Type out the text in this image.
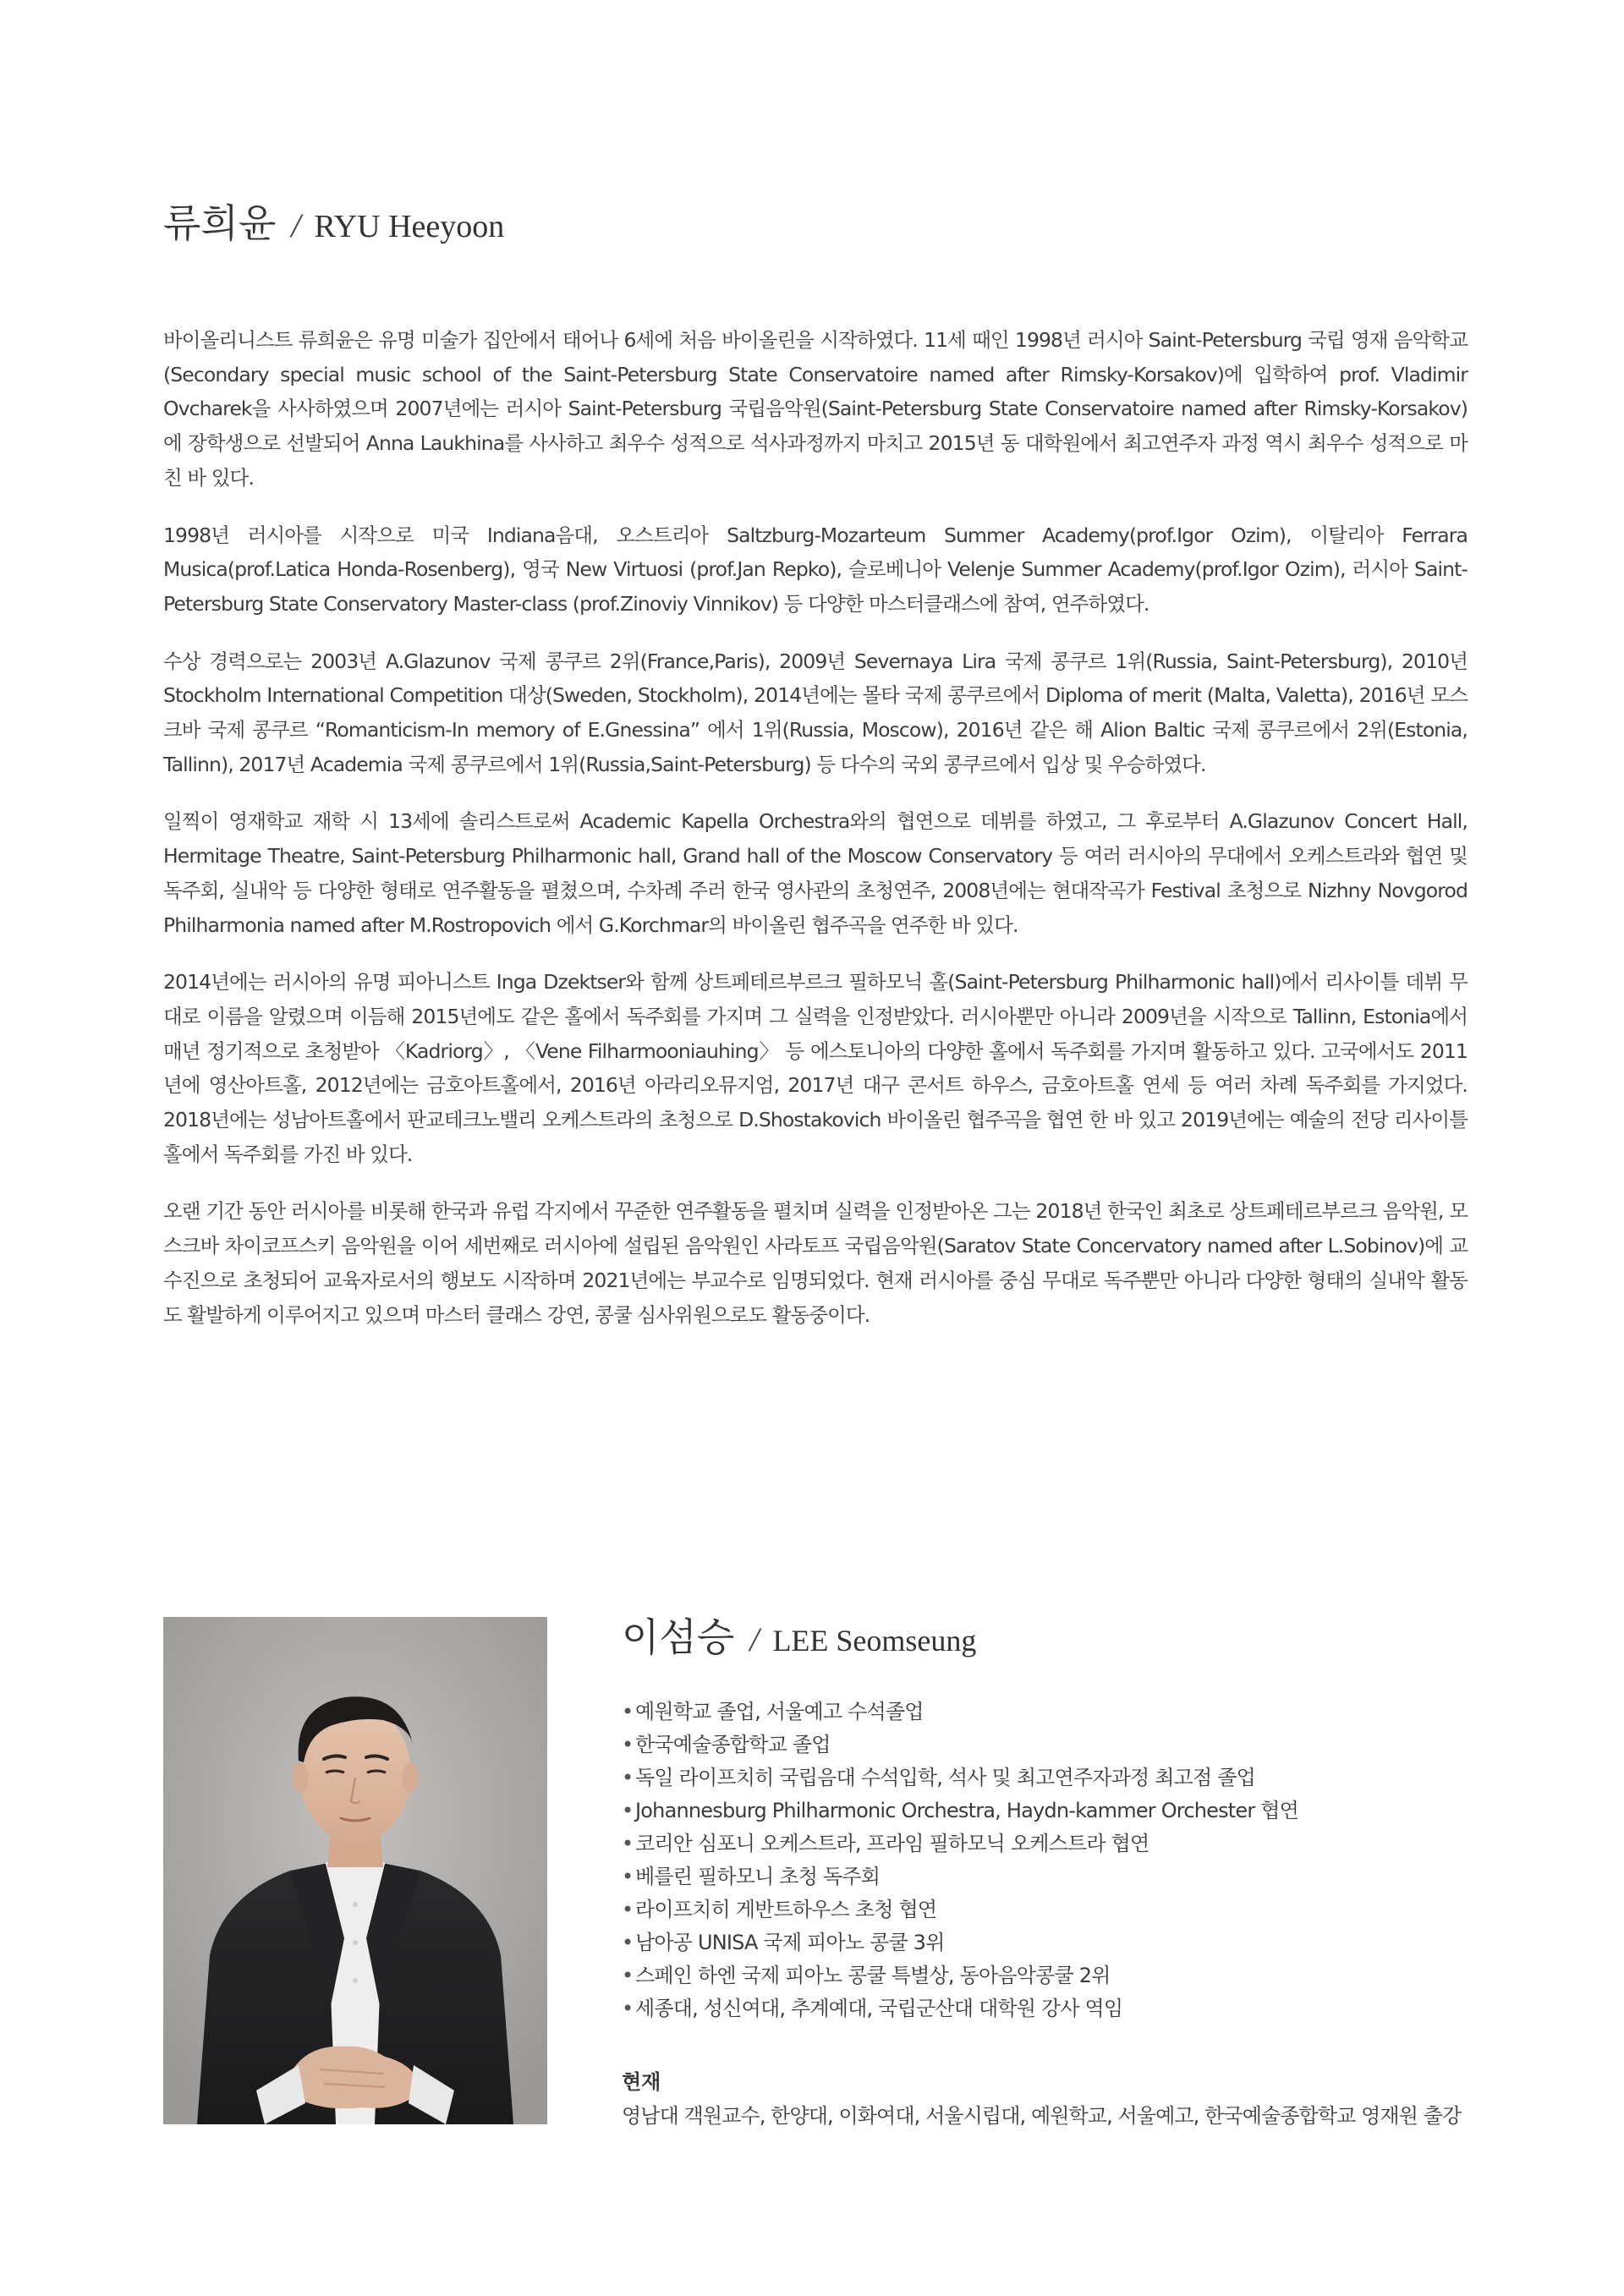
류희윤 / RYU Heeyoon

바이올리니스트 류희윤은 유명 미술가 집안에서 태어나 6세에 처음 바이올린을 시작하였다. 11세 때인 1998년 러시아 Saint-Petersburg 국립 영재 음악학교(Secondary special music school of the Saint-Petersburg State Conservatoire named after Rimsky-Korsakov)에 입학하여 prof. Vladimir Ovcharek을 사사하였으며 2007년에는 러시아 Saint-Petersburg 국립음악원(Saint-Petersburg State Conservatoire named after Rimsky-Korsakov)에 장학생으로 선발되어 Anna Laukhina를 사사하고 최우수 성적으로 석사과정까지 마치고 2015년 동 대학원에서 최고연주자 과정 역시 최우수 성적으로 마친 바 있다.

1998년 러시아를 시작으로 미국 Indiana음대, 오스트리아 Saltzburg-Mozarteum Summer Academy(prof.Igor Ozim), 이탈리아 Ferrara Musica(prof.Latica Honda-Rosenberg), 영국 New Virtuosi (prof.Jan Repko), 슬로베니아 Velenje Summer Academy(prof.Igor Ozim), 러시아 Saint-Petersburg State Conservatory Master-class (prof.Zinoviy Vinnikov) 등 다양한 마스터클래스에 참여, 연주하였다.

수상 경력으로는 2003년 A.Glazunov 국제 콩쿠르 2위(France,Paris), 2009년 Severnaya Lira 국제 콩쿠르 1위(Russia, Saint-Petersburg), 2010년 Stockholm International Competition 대상(Sweden, Stockholm), 2014년에는 몰타 국제 콩쿠르에서 Diploma of merit (Malta, Valetta), 2016년 모스크바 국제 콩쿠르 “Romanticism-In memory of E.Gnessina” 에서 1위(Russia, Moscow), 2016년 같은 해 Alion Baltic 국제 콩쿠르에서 2위(Estonia, Tallinn), 2017년 Academia 국제 콩쿠르에서 1위(Russia,Saint-Petersburg) 등 다수의 국외 콩쿠르에서 입상 및 우승하였다.

일찍이 영재학교 재학 시 13세에 솔리스트로써 Academic Kapella Orchestra와의 협연으로 데뷔를 하였고, 그 후로부터 A.Glazunov Concert Hall, Hermitage Theatre, Saint-Petersburg Philharmonic hall, Grand hall of the Moscow Conservatory 등 여러 러시아의 무대에서 오케스트라와 협연 및 독주회, 실내악 등 다양한 형태로 연주활동을 펼쳤으며, 수차례 주러 한국 영사관의 초청연주, 2008년에는 현대작곡가 Festival 초청으로 Nizhny Novgorod Philharmonia named after M.Rostropovich 에서 G.Korchmar의 바이올린 협주곡을 연주한 바 있다.

2014년에는 러시아의 유명 피아니스트 Inga Dzektser와 함께 상트페테르부르크 필하모닉 홀(Saint-Petersburg Philharmonic hall)에서 리사이틀 데뷔 무대로 이름을 알렸으며 이듬해 2015년에도 같은 홀에서 독주회를 가지며 그 실력을 인정받았다. 러시아뿐만 아니라 2009년을 시작으로 Tallinn, Estonia에서 매년 정기적으로 초청받아 〈Kadriorg〉, 〈Vene Filharmooniauhing〉 등 에스토니아의 다양한 홀에서 독주회를 가지며 활동하고 있다. 고국에서도 2011년에 영산아트홀, 2012년에는 금호아트홀에서, 2016년 아라리오뮤지엄, 2017년 대구 콘서트 하우스, 금호아트홀 연세 등 여러 차례 독주회를 가지었다. 2018년에는 성남아트홀에서 판교테크노밸리 오케스트라의 초청으로 D.Shostakovich 바이올린 협주곡을 협연 한 바 있고 2019년에는 예술의 전당 리사이틀홀에서 독주회를 가진 바 있다.

오랜 기간 동안 러시아를 비롯해 한국과 유럽 각지에서 꾸준한 연주활동을 펼치며 실력을 인정받아온 그는 2018년 한국인 최초로 상트페테르부르크 음악원, 모스크바 차이코프스키 음악원을 이어 세번째로 러시아에 설립된 음악원인 사라토프 국립음악원(Saratov State Concervatory named after L.Sobinov)에 교수진으로 초청되어 교육자로서의 행보도 시작하며 2021년에는 부교수로 임명되었다. 현재 러시아를 중심 무대로 독주뿐만 아니라 다양한 형태의 실내악 활동도 활발하게 이루어지고 있으며 마스터 클래스 강연, 콩쿨 심사위원으로도 활동중이다.

이섬승 / LEE Seomseung
• 예원학교 졸업, 서울예고 수석졸업
• 한국예술종합학교 졸업
• 독일 라이프치히 국립음대 수석입학, 석사 및 최고연주자과정 최고점 졸업
• Johannesburg Philharmonic Orchestra, Haydn-kammer Orchester 협연
• 코리안 심포니 오케스트라, 프라임 필하모닉 오케스트라 협연
• 베를린 필하모니 초청 독주회
• 라이프치히 게반트하우스 초청 협연
• 남아공 UNISA 국제 피아노 콩쿨 3위
• 스페인 하엔 국제 피아노 콩쿨 특별상, 동아음악콩쿨 2위
• 세종대, 성신여대, 추계예대, 국립군산대 대학원 강사 역임
현재
영남대 객원교수, 한양대, 이화여대, 서울시립대, 예원학교, 서울예고, 한국예술종합학교 영재원 출강
